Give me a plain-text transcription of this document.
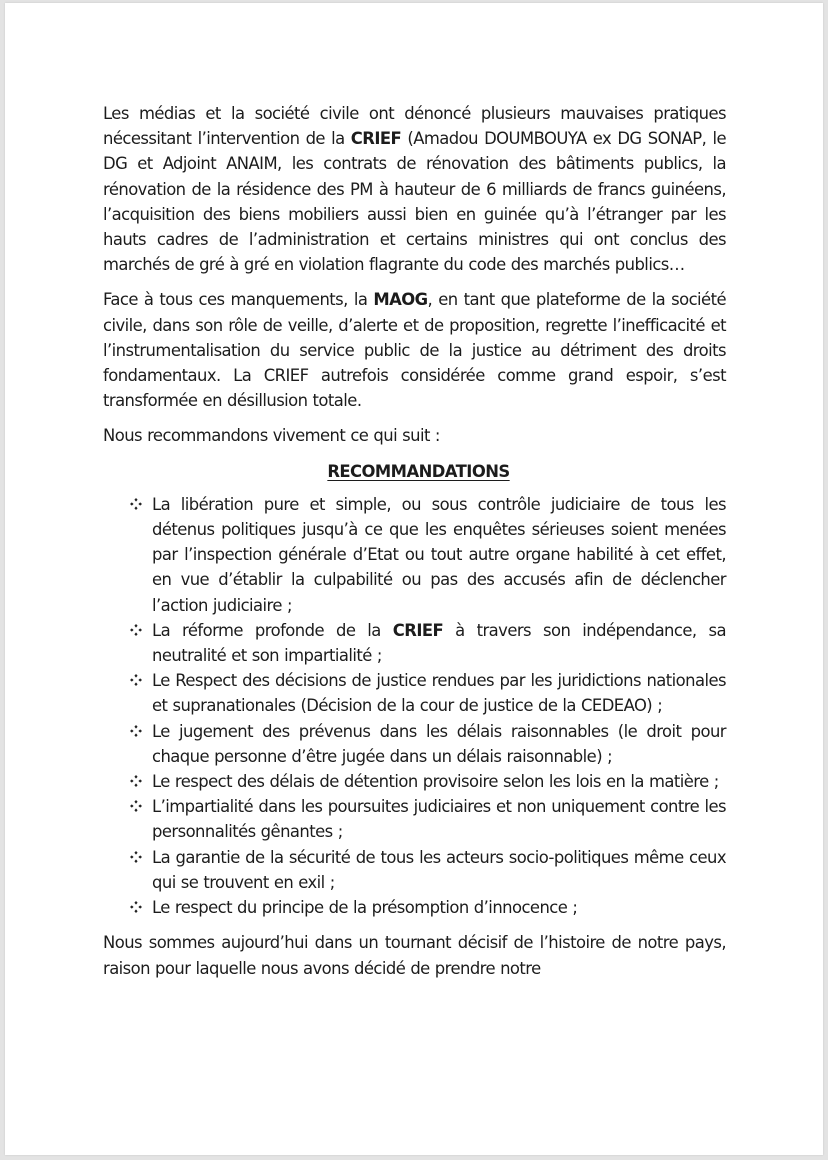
Les médias et la société civile ont dénoncé plusieurs mauvaises pratiques nécessitant l’intervention de la CRIEF (Amadou DOUMBOUYA ex DG SONAP, le DG et Adjoint ANAIM, les contrats de rénovation des bâtiments publics, la rénovation de la résidence des PM à hauteur de 6 milliards de francs guinéens, l’acquisition des biens mobiliers aussi bien en guinée qu’à l’étranger par les hauts cadres de l’administration et certains ministres qui ont conclus des marchés de gré à gré en violation flagrante du code des marchés publics…

Face à tous ces manquements, la MAOG, en tant que plateforme de la société civile, dans son rôle de veille, d’alerte et de proposition, regrette l’inefficacité et l’instrumentalisation du service public de la justice au détriment des droits fondamentaux. La CRIEF autrefois considérée comme grand espoir, s’est transformée en désillusion totale.

Nous recommandons vivement ce qui suit :

RECOMMANDATIONS
La libération pure et simple, ou sous contrôle judiciaire de tous les détenus politiques jusqu’à ce que les enquêtes sérieuses soient menées par l’inspection générale d’Etat ou tout autre organe habilité à cet effet, en vue d’établir la culpabilité ou pas des accusés afin de déclencher l’action judiciaire ;
La réforme profonde de la CRIEF à travers son indépendance, sa neutralité et son impartialité ;
Le Respect des décisions de justice rendues par les juridictions nationales et supranationales (Décision de la cour de justice de la CEDEAO) ;
Le jugement des prévenus dans les délais raisonnables (le droit pour chaque personne d’être jugée dans un délais raisonnable) ;
Le respect des délais de détention provisoire selon les lois en la matière ;
L’impartialité dans les poursuites judiciaires et non uniquement contre les personnalités gênantes ;
La garantie de la sécurité de tous les acteurs socio-politiques même ceux qui se trouvent en exil ;
Le respect du principe de la présomption d’innocence ;

Nous sommes aujourd’hui dans un tournant décisif de l’histoire de notre pays, raison pour laquelle nous avons décidé de prendre notre
